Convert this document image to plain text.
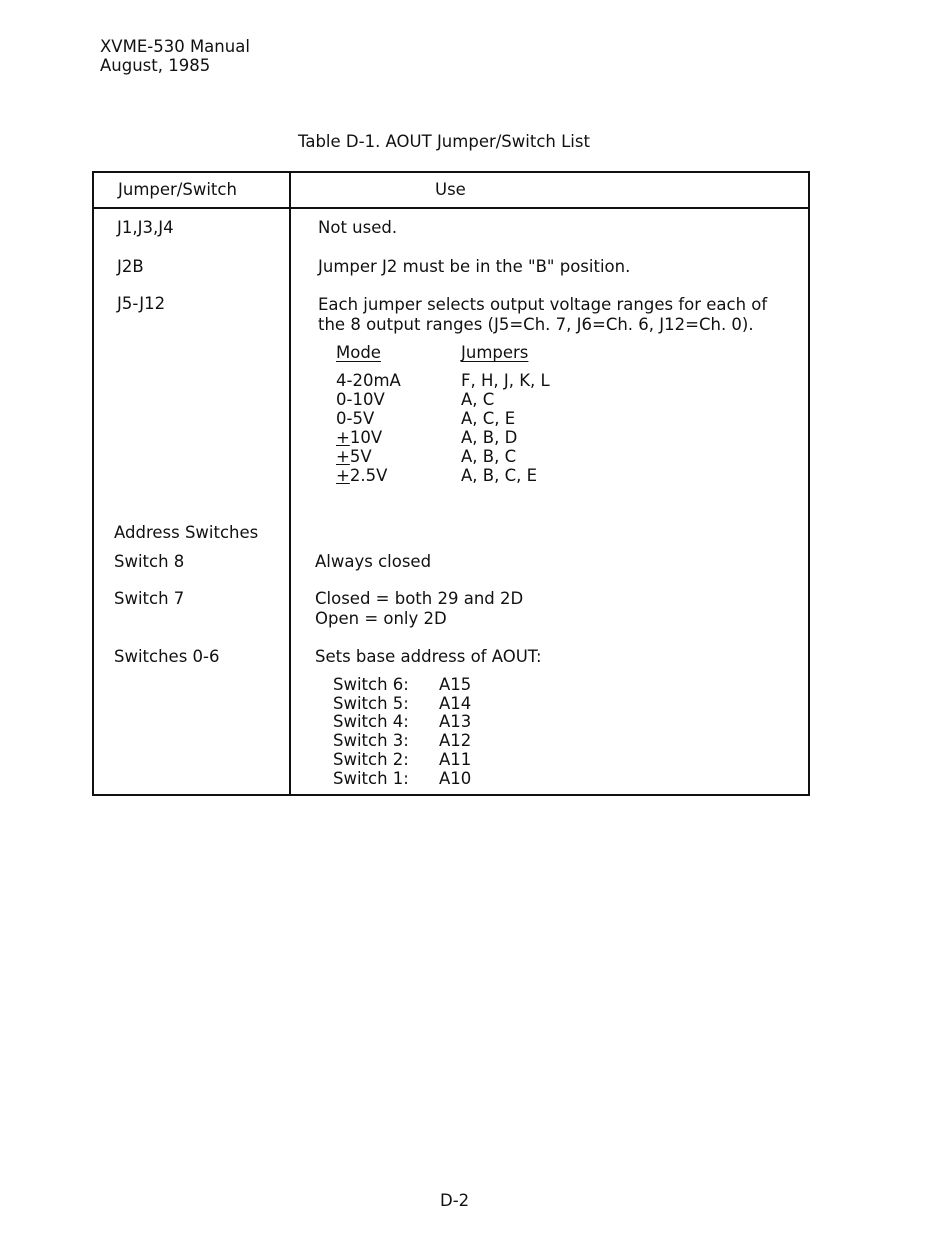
XVME-530 Manual
August, 1985
Table D-1. AOUT Jumper/Switch List
Jumper/Switch	Use
J1,J3,J4	Not used.
J2B	Jumper J2 must be in the "B" position.
J5-J12	Each jumper selects output voltage ranges for each of
the 8 output ranges (J5=Ch. 7, J6=Ch. 6, J12=Ch. 0).
Mode	Jumpers
4-20mA	F, H, J, K, L
0-10V	A, C
0-5V	A, C, E
+10V	A, B, D
+5V	A, B, C
+2.5V	A, B, C, E
Address Switches
Switch 8	Always closed
Switch 7	Closed = both 29 and 2D
Open = only 2D
Switches 0-6	Sets base address of AOUT:
Switch 6: A15
Switch 5: A14
Switch 4: A13
Switch 3: A12
Switch 2: A11
Switch 1: A10
D-2
